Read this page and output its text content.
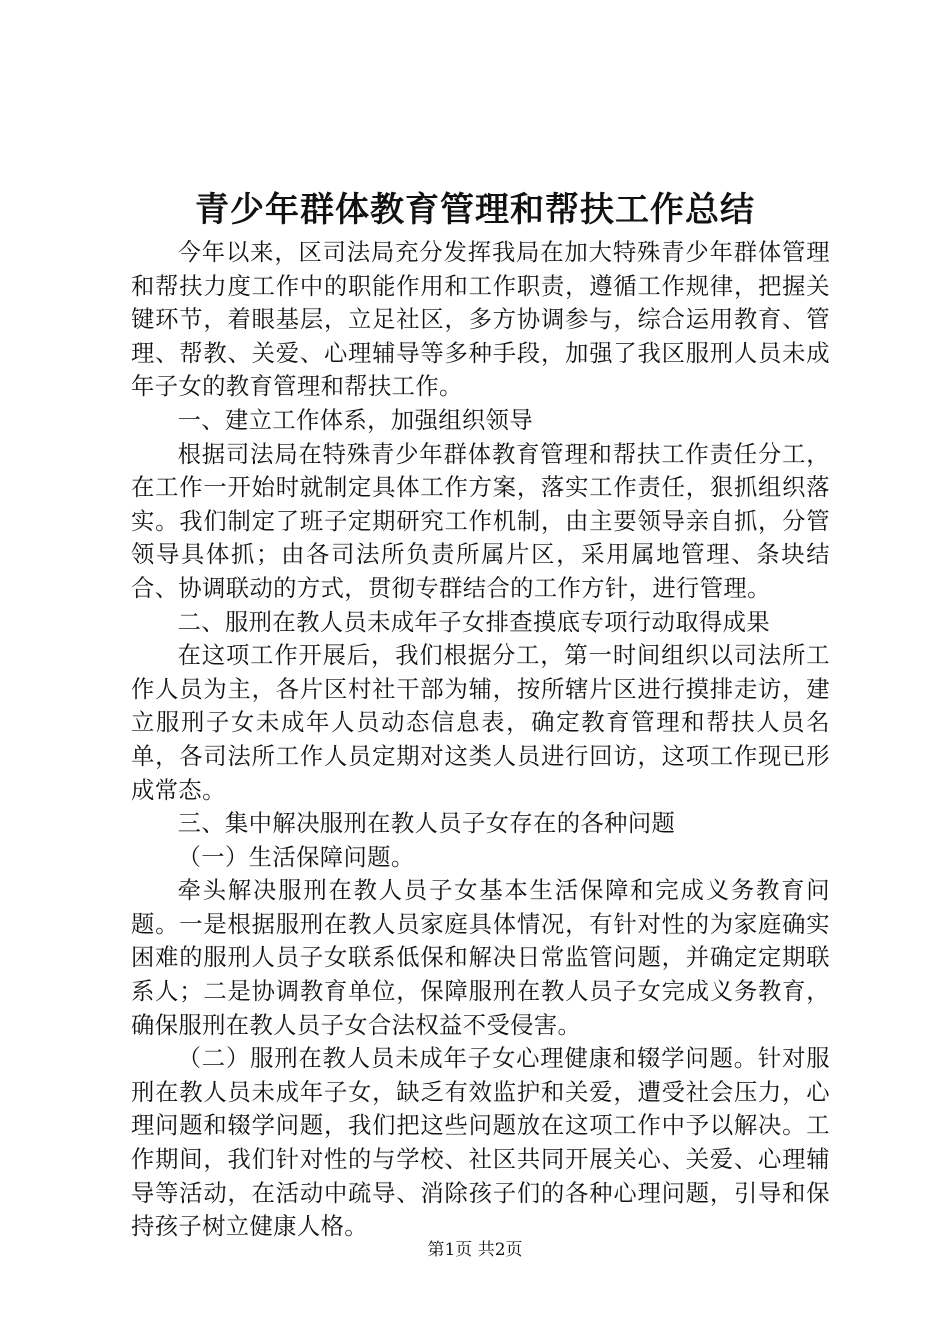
青少年群体教育管理和帮扶工作总结

今年以来，区司法局充分发挥我局在加大特殊青少年群体管理和帮扶力度工作中的职能作用和工作职责，遵循工作规律，把握关键环节，着眼基层，立足社区，多方协调参与，综合运用教育、管理、帮教、关爱、心理辅导等多种手段，加强了我区服刑人员未成年子女的教育管理和帮扶工作。

一、建立工作体系，加强组织领导

根据司法局在特殊青少年群体教育管理和帮扶工作责任分工，在工作一开始时就制定具体工作方案，落实工作责任，狠抓组织落实。我们制定了班子定期研究工作机制，由主要领导亲自抓，分管领导具体抓；由各司法所负责所属片区，采用属地管理、条块结合、协调联动的方式，贯彻专群结合的工作方针，进行管理。

二、服刑在教人员未成年子女排查摸底专项行动取得成果

在这项工作开展后，我们根据分工，第一时间组织以司法所工作人员为主，各片区村社干部为辅，按所辖片区进行摸排走访，建立服刑子女未成年人员动态信息表，确定教育管理和帮扶人员名单，各司法所工作人员定期对这类人员进行回访，这项工作现已形成常态。

三、集中解决服刑在教人员子女存在的各种问题

（一）生活保障问题。

牵头解决服刑在教人员子女基本生活保障和完成义务教育问题。一是根据服刑在教人员家庭具体情况，有针对性的为家庭确实困难的服刑人员子女联系低保和解决日常监管问题，并确定定期联系人；二是协调教育单位，保障服刑在教人员子女完成义务教育，确保服刑在教人员子女合法权益不受侵害。

（二）服刑在教人员未成年子女心理健康和辍学问题。针对服刑在教人员未成年子女，缺乏有效监护和关爱，遭受社会压力，心理问题和辍学问题，我们把这些问题放在这项工作中予以解决。工作期间，我们针对性的与学校、社区共同开展关心、关爱、心理辅导等活动，在活动中疏导、消除孩子们的各种心理问题，引导和保持孩子树立健康人格。

第1页 共2页
